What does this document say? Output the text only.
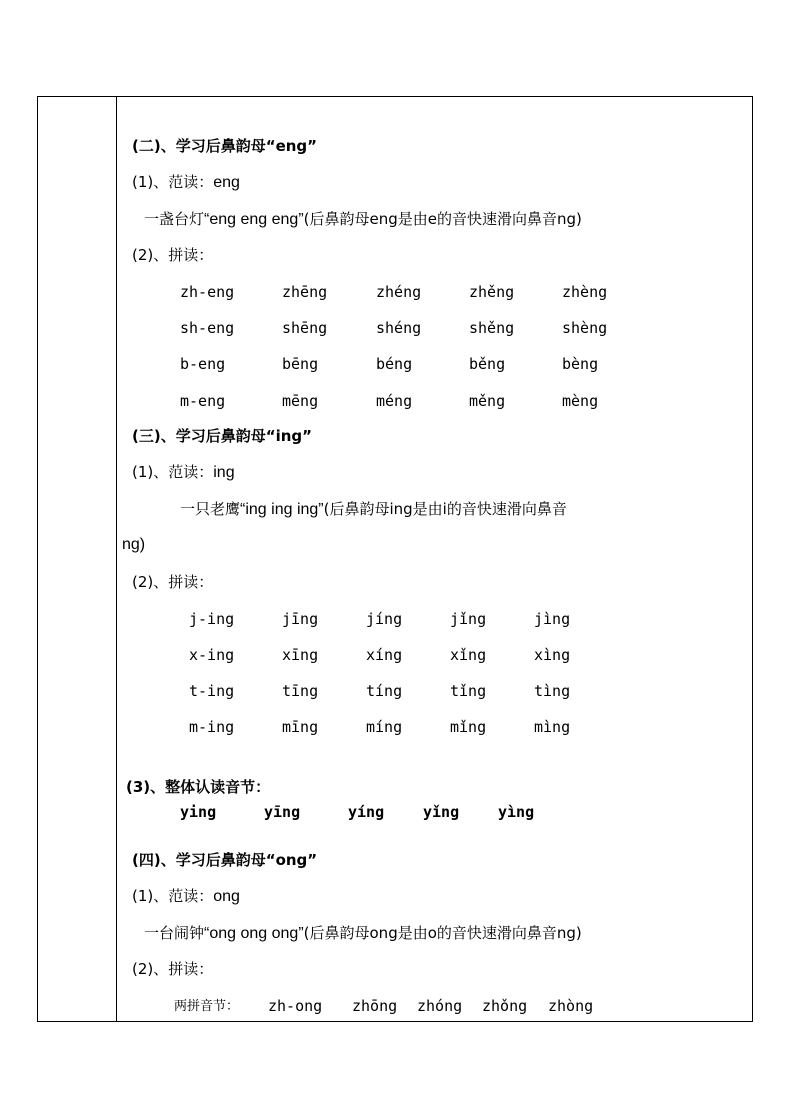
(二)、学习后鼻韵母“eng”
(1)、范读：eng
一盏台灯“eng eng eng”(后鼻韵母eng是由e的音快速滑向鼻音ng)
(2)、拼读：
zh-eng	zhēng	zhéng	zhěng	zhèng
sh-eng	shēng	shéng	shěng	shèng
b-eng	bēng	béng	běng	bèng
m-eng	mēng	méng	měng	mèng
(三)、学习后鼻韵母“ing”
(1)、范读：ing
一只老鹰“ing ing ing”(后鼻韵母ing是由i的音快速滑向鼻音
ng)
(2)、拼读：
j-ing	jīng	jíng	jǐng	jìng
x-ing	xīng	xíng	xǐng	xìng
t-ing	tīng	tíng	tǐng	tìng
m-ing	mīng	míng	mǐng	mìng
(3)、整体认读音节：
ying	yīng	yíng	yǐng	yìng
(四)、学习后鼻韵母“ong”
(1)、范读：ong
一台闹钟“ong ong ong”(后鼻韵母ong是由o的音快速滑向鼻音ng)
(2)、拼读：
两拼音节： zh-ong zhōng zhóng zhǒng zhòng
